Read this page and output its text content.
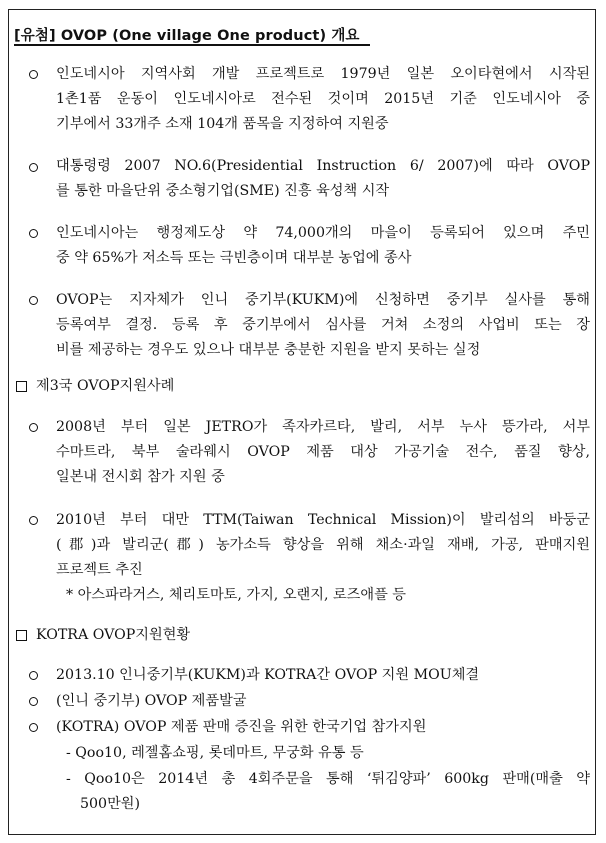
[유첨] OVOP (One village One product) 개요
인도네시아 지역사회 개발 프로젝트로 1979년 일본 오이타현에서 시작된
1촌1품 운동이 인도네시아로 전수된 것이며 2015년 기준 인도네시아 중
기부에서 33개주 소재 104개 품목을 지정하여 지원중
대통령령 2007 NO.6(Presidential Instruction 6/ 2007)에 따라 OVOP
를 통한 마을단위 중소형기업(SME) 진흥 육성책 시작
인도네시아는 행정제도상 약 74,000개의 마을이 등록되어 있으며 주민
중 약 65%가 저소득 또는 극빈층이며 대부분 농업에 종사
OVOP는 지자체가 인니 중기부(KUKM)에 신청하면 중기부 실사를 통해
등록여부 결정. 등록 후 중기부에서 심사를 거쳐 소정의 사업비 또는 장
비를 제공하는 경우도 있으나 대부분 충분한 지원을 받지 못하는 실정
제3국 OVOP지원사례
2008년 부터 일본 JETRO가 족자카르타, 발리, 서부 누사 뜽가라, 서부
수마트라, 북부 술라웨시 OVOP 제품 대상 가공기술 전수, 품질 향상,
일본내 전시회 참가 지원 중
2010년 부터 대만 TTM(Taiwan Technical Mission)이 발리섬의 바둥군
(郡)과 발리군(郡) 농가소득 향상을 위해 채소·과일 재배, 가공, 판매지원
프로젝트 추진
* 아스파라거스, 체리토마토, 가지, 오랜지, 로즈애플 등
KOTRA OVOP지원현황
2013.10 인니중기부(KUKM)과 KOTRA간 OVOP 지원 MOU체결
(인니 중기부) OVOP 제품발굴
(KOTRA) OVOP 제품 판매 증진을 위한 한국기업 참가지원
- Qoo10, 레젤홈쇼핑, 롯데마트, 무궁화 유통 등
- Qoo10은 2014년 총 4회주문을 통해 ‘튀김양파’ 600kg 판매(매출 약
500만원)
